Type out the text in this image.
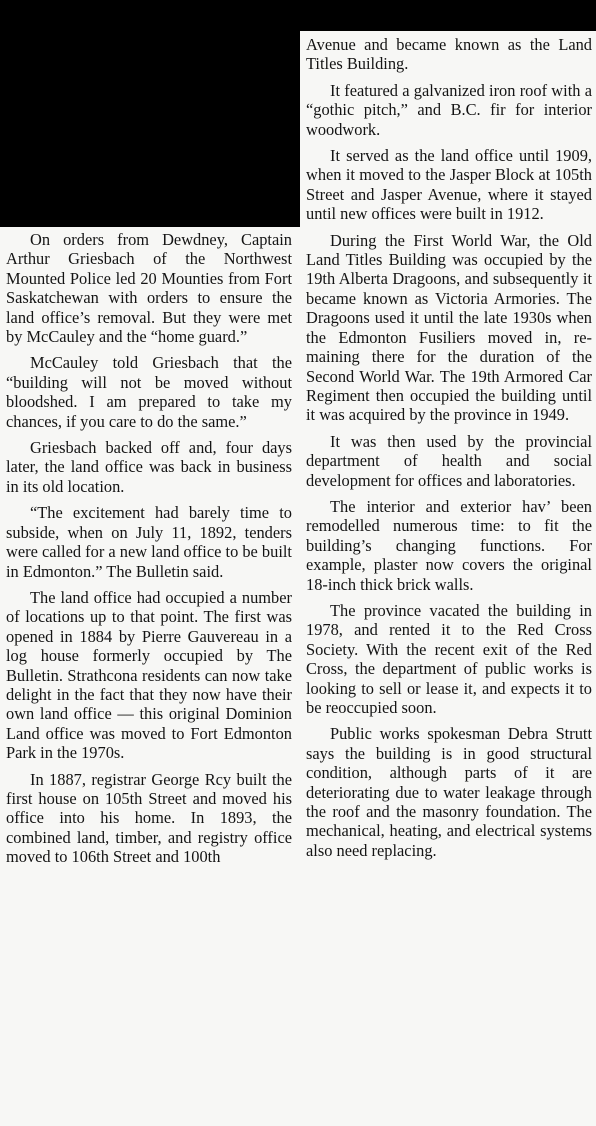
On orders from Dewdney, Captain Arthur Griesbach of the Northwest Mounted Police led 20 Mounties from Fort Saskatchewan with orders to ensure the land office’s removal. But they were met by McCauley and the “home guard.”

McCauley told Griesbach that the “building will not be moved without bloodshed. I am prepared to take my chances, if you care to do the same.”

Griesbach backed off and, four days later, the land office was back in business in its old location.

“The excitement had barely time to subside, when on July 11, 1892, tenders were called for a new land office to be built in Edmonton.” The Bulletin said.

The land office had occupied a number of locations up to that point. The first was opened in 1884 by Pierre Gauvereau in a log house formerly occupied by The Bulletin. Strathcona residents can now take delight in the fact that they now have their own land office — this original Dominion Land office was moved to Fort Edmonton Park in the 1970s.

In 1887, registrar George Rcy built the first house on 105th Street and moved his office into his home. In 1893, the combined land, timber, and registry office moved to 106th Street and 100th

Avenue and became known as the Land Titles Building.

It featured a galvanized iron roof with a “gothic pitch,” and B.C. fir for interior woodwork.

It served as the land office until 1909, when it moved to the Jasper Block at 105th Street and Jasper Avenue, where it stayed until new offices were built in 1912.

During the First World War, the Old Land Titles Building was occupied by the 19th Alberta Dragoons, and subsequently it became known as Victoria Armories. The Dragoons used it until the late 1930s when the Edmonton Fusiliers moved in, remaining there for the duration of the Second World War. The 19th Armored Car Regiment then occupied the building until it was acquired by the province in 1949.

It was then used by the provincial department of health and social development for offices and laboratories.

The interior and exterior hav’ been remodelled numerous time: to fit the building’s changing functions. For example, plaster now covers the original 18-inch thick brick walls.

The province vacated the building in 1978, and rented it to the Red Cross Society. With the recent exit of the Red Cross, the department of public works is looking to sell or lease it, and expects it to be reoccupied soon.

Public works spokesman Debra Strutt says the building is in good structural condition, although parts of it are deteriorating due to water leakage through the roof and the masonry foundation. The mechanical, heating, and electrical systems also need replacing.
